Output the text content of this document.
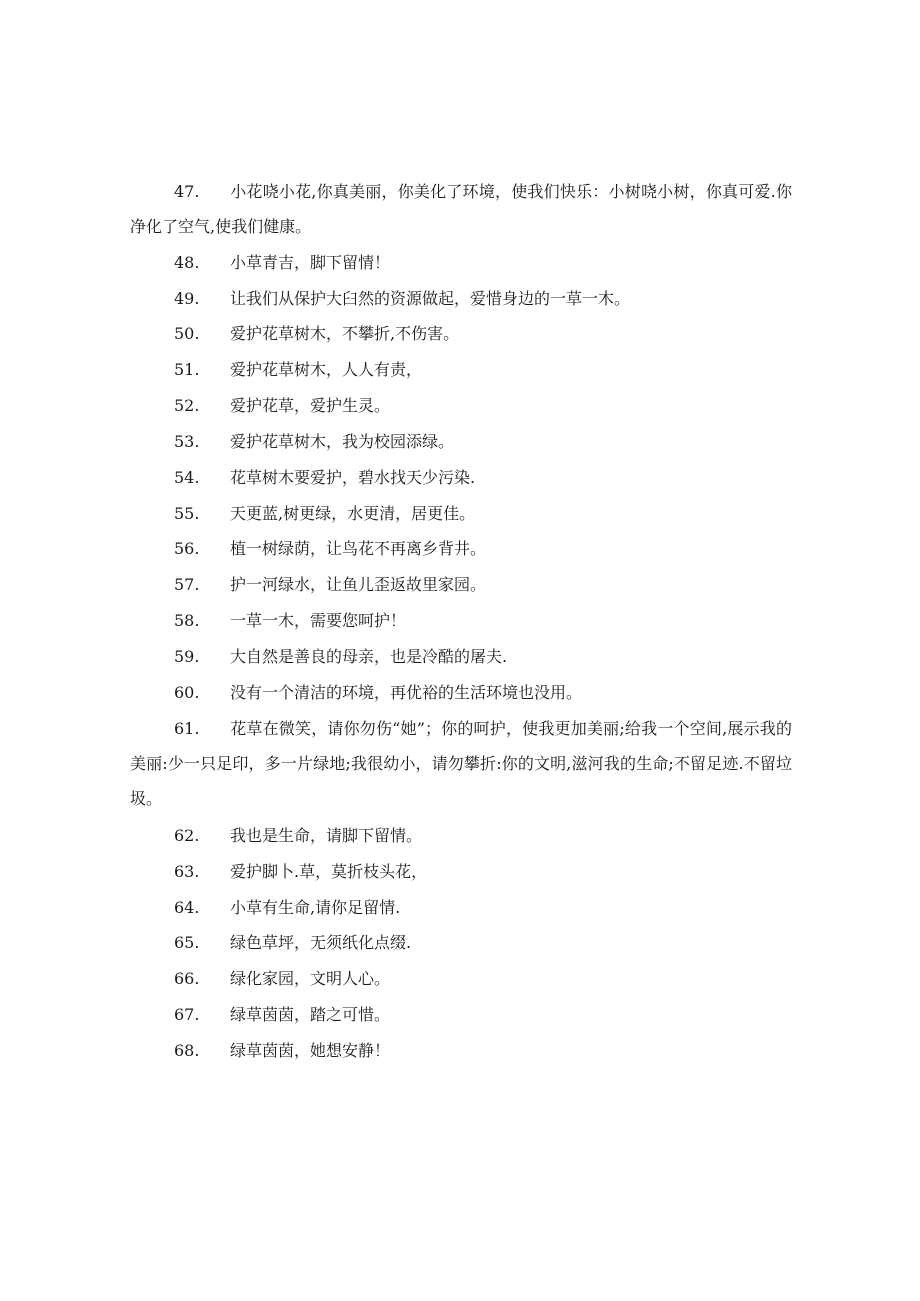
47. 小花哓小花,你真美丽，你美化了环境，使我们快乐：小树哓小树，你真可爱.你净化了空气,使我们健康。

48. 小草青吉，脚下留情！

49. 让我们从保护大臼然的资源做起，爱惜身边的一草一木。

50. 爱护花草树木，不攀折,不伤害。

51. 爱护花草树木，人人有责，

52. 爱护花草，爱护生灵。

53. 爱护花草树木，我为校园添绿。

54. 花草树木要爱护，碧水找天少污染.

55. 天更蓝,树更绿，水更清，居更佳。

56. 植一树绿荫，让鸟花不再离乡背井。

57. 护一河绿水，让鱼儿歪返故里家园。

58. 一草一木，需要您呵护！

59. 大自然是善良的母亲，也是冷酷的屠夫.

60. 没有一个清洁的环境，再优裕的生活环境也没用。

61. 花草在微笑，请你勿伤“她”；你的呵护，使我更加美丽;给我一个空间,展示我的美丽:少一只足印，多一片绿地;我很幼小，请勿攀折:你的文明,滋河我的生命;不留足迹.不留垃圾。

62. 我也是生命，请脚下留情。

63. 爱护脚卜.草，莫折枝头花，

64. 小草有生命,请你足留情.

65. 绿色草坪，无须纸化点缀.

66. 绿化家园，文明人心。

67. 绿草茵茵，踏之可惜。

68. 绿草茵茵，她想安静！
